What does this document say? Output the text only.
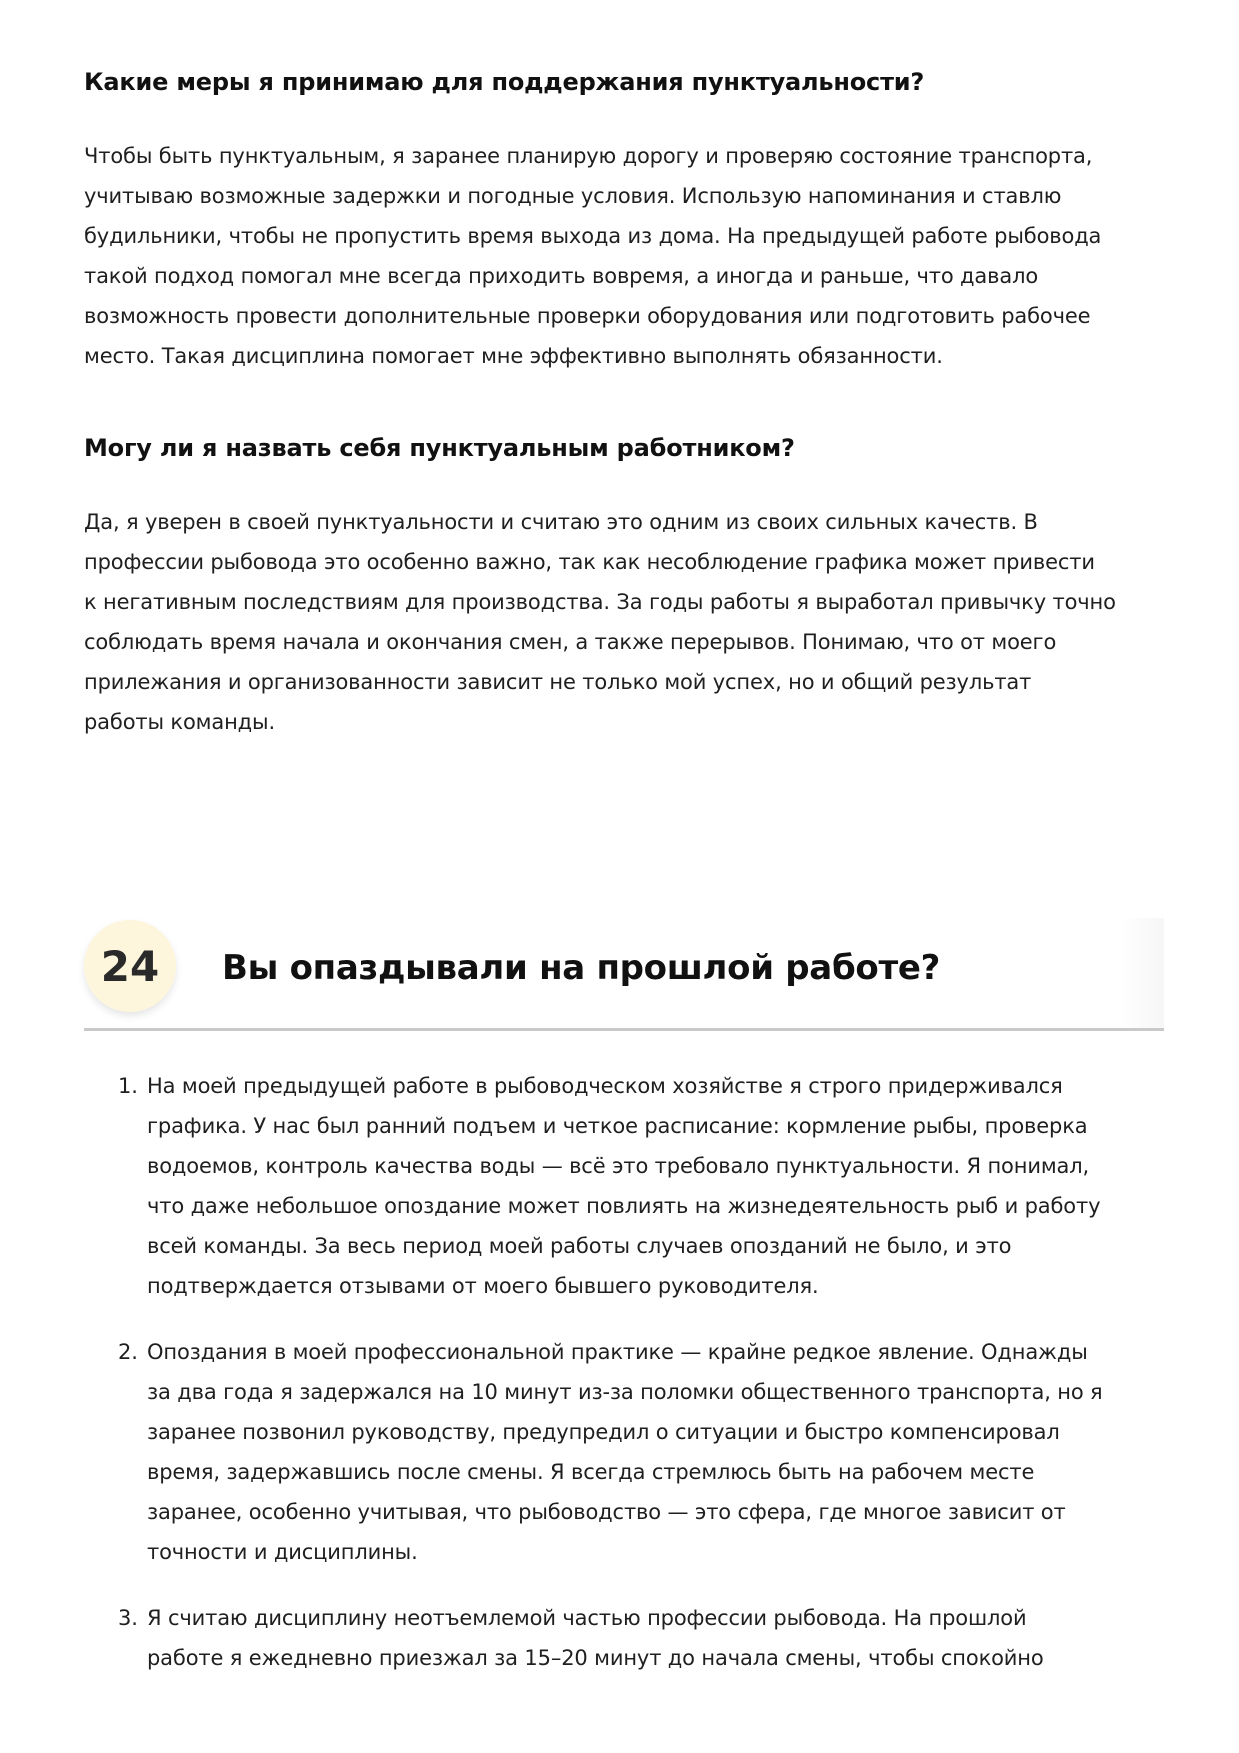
Какие меры я принимаю для поддержания пунктуальности?
Чтобы быть пунктуальным, я заранее планирую дорогу и проверяю состояние транспорта,
учитываю возможные задержки и погодные условия. Использую напоминания и ставлю
будильники, чтобы не пропустить время выхода из дома. На предыдущей работе рыбовода
такой подход помогал мне всегда приходить вовремя, а иногда и раньше, что давало
возможность провести дополнительные проверки оборудования или подготовить рабочее
место. Такая дисциплина помогает мне эффективно выполнять обязанности.
Могу ли я назвать себя пунктуальным работником?
Да, я уверен в своей пунктуальности и считаю это одним из своих сильных качеств. В
профессии рыбовода это особенно важно, так как несоблюдение графика может привести
к негативным последствиям для производства. За годы работы я выработал привычку точно
соблюдать время начала и окончания смен, а также перерывов. Понимаю, что от моего
прилежания и организованности зависит не только мой успех, но и общий результат
работы команды.
24	Вы опаздывали на прошлой работе?
1. На моей предыдущей работе в рыбоводческом хозяйстве я строго придерживался
графика. У нас был ранний подъем и четкое расписание: кормление рыбы, проверка
водоемов, контроль качества воды — всё это требовало пунктуальности. Я понимал,
что даже небольшое опоздание может повлиять на жизнедеятельность рыб и работу
всей команды. За весь период моей работы случаев опозданий не было, и это
подтверждается отзывами от моего бывшего руководителя.
2. Опоздания в моей профессиональной практике — крайне редкое явление. Однажды
за два года я задержался на 10 минут из-за поломки общественного транспорта, но я
заранее позвонил руководству, предупредил о ситуации и быстро компенсировал
время, задержавшись после смены. Я всегда стремлюсь быть на рабочем месте
заранее, особенно учитывая, что рыбоводство — это сфера, где многое зависит от
точности и дисциплины.
3. Я считаю дисциплину неотъемлемой частью профессии рыбовода. На прошлой
работе я ежедневно приезжал за 15–20 минут до начала смены, чтобы спокойно
